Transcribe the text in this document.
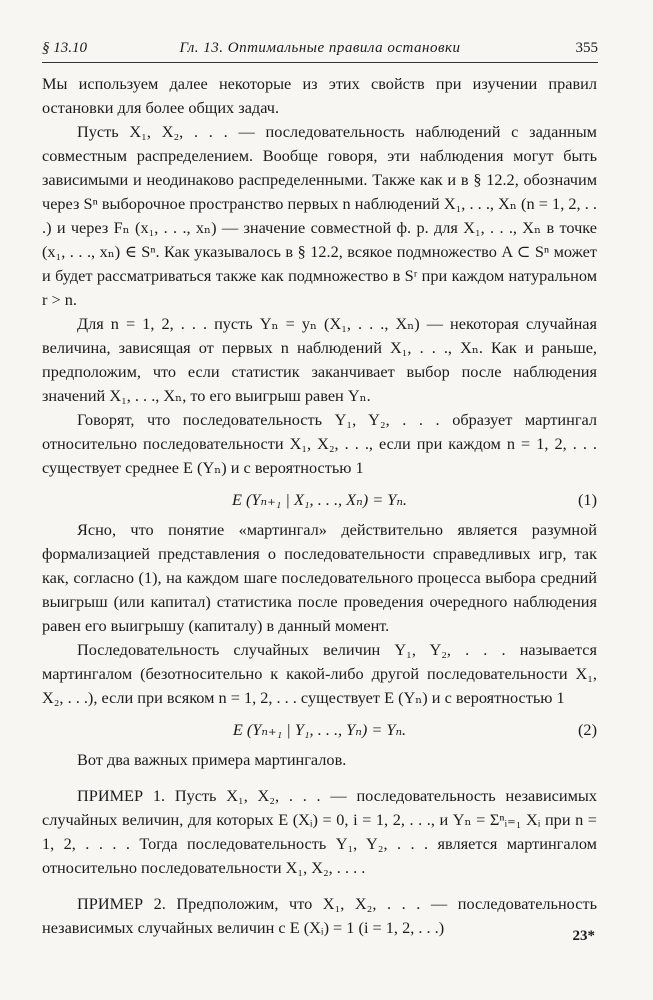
§ 13.10	Гл. 13. Оптимальные правила остановки	355

Мы используем далее некоторые из этих свойств при изучении правил остановки для более общих задач.

Пусть X₁, X₂, . . . — последовательность наблюдений с заданным совместным распределением. Вообще говоря, эти наблюдения могут быть зависимыми и неодинаково распределенными. Также как и в § 12.2, обозначим через Sⁿ выборочное пространство первых n наблюдений X₁, . . ., Xₙ (n = 1, 2, . . .) и через Fₙ (x₁, . . ., xₙ) — значение совместной ф. р. для X₁, . . ., Xₙ в точке (x₁, . . ., xₙ) ∈ Sⁿ. Как указывалось в § 12.2, всякое подмножество A ⊂ Sⁿ может и будет рассматриваться также как подмножество в Sʳ при каждом натуральном r > n.

Для n = 1, 2, . . . пусть Yₙ = yₙ (X₁, . . ., Xₙ) — некоторая случайная величина, зависящая от первых n наблюдений X₁, . . ., Xₙ. Как и раньше, предположим, что если статистик заканчивает выбор после наблюдения значений X₁, . . ., Xₙ, то его выигрыш равен Yₙ.

Говорят, что последовательность Y₁, Y₂, . . . образует мартингал относительно последовательности X₁, X₂, . . ., если при каждом n = 1, 2, . . . существует среднее E (Yₙ) и с вероятностью 1

E (Yₙ₊₁ | X₁, . . ., Xₙ) = Yₙ.	(1)

Ясно, что понятие «мартингал» действительно является разумной формализацией представления о последовательности справедливых игр, так как, согласно (1), на каждом шаге последовательного процесса выбора средний выигрыш (или капитал) статистика после проведения очередного наблюдения равен его выигрышу (капиталу) в данный момент.

Последовательность случайных величин Y₁, Y₂, . . . называется мартингалом (безотносительно к какой-либо другой последовательности X₁, X₂, . . .), если при всяком n = 1, 2, . . . существует E (Yₙ) и с вероятностью 1

E (Yₙ₊₁ | Y₁, . . ., Yₙ) = Yₙ.	(2)

Вот два важных примера мартингалов.

ПРИМЕР 1. Пусть X₁, X₂, . . . — последовательность независимых случайных величин, для которых E (Xᵢ) = 0, i = 1, 2, . . ., и Yₙ = Σⁿᵢ₌₁ Xᵢ при n = 1, 2, . . . . Тогда последовательность Y₁, Y₂, . . . является мартингалом относительно последовательности X₁, X₂, . . . .

ПРИМЕР 2. Предположим, что X₁, X₂, . . . — последовательность независимых случайных величин с E (Xᵢ) = 1 (i = 1, 2, . . .)	23*
